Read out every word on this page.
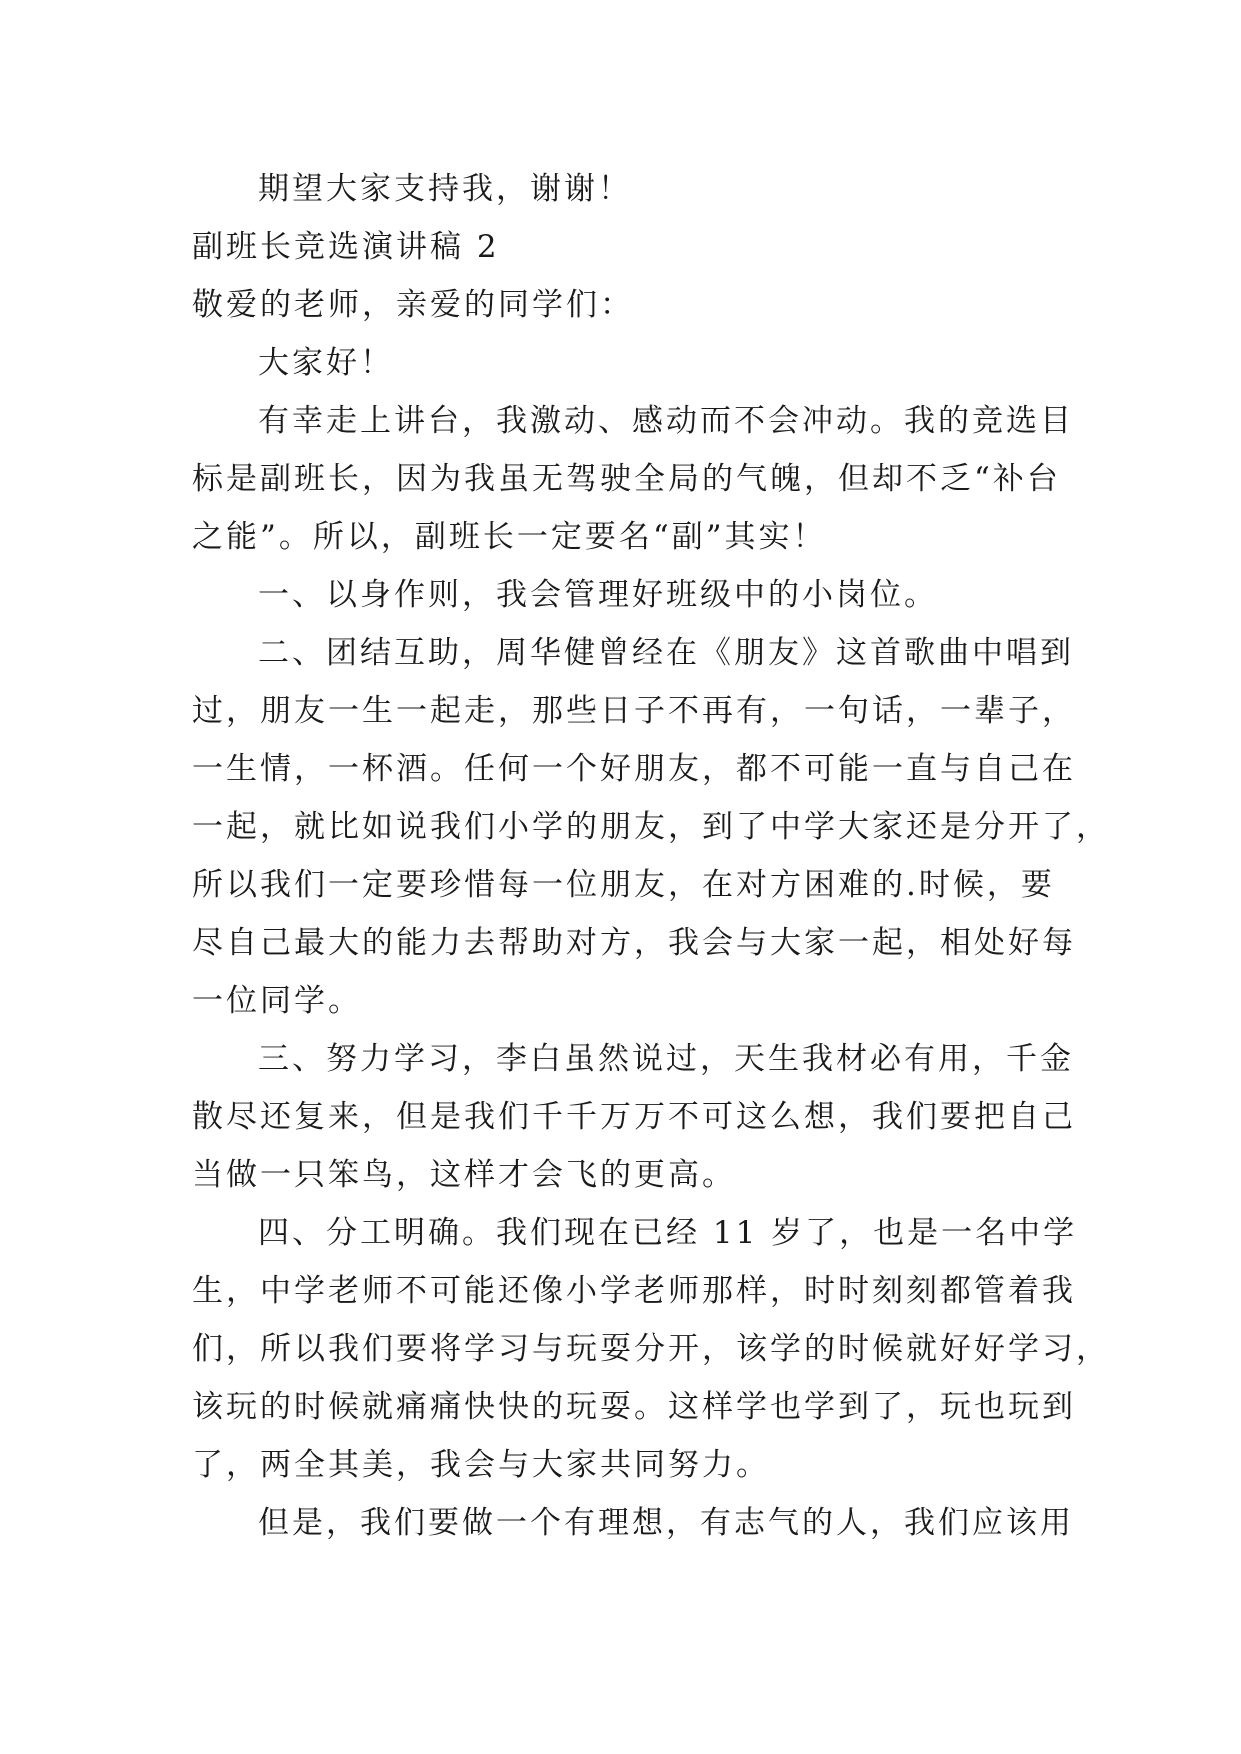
期望大家支持我，谢谢！
副班长竞选演讲稿 2
敬爱的老师，亲爱的同学们：
大家好！
有幸走上讲台，我激动、感动而不会冲动。我的竞选目
标是副班长，因为我虽无驾驶全局的气魄，但却不乏“补台
之能”。所以，副班长一定要名“副”其实！
一、以身作则，我会管理好班级中的小岗位。
二、团结互助，周华健曾经在《朋友》这首歌曲中唱到
过，朋友一生一起走，那些日子不再有，一句话，一辈子，
一生情，一杯酒。任何一个好朋友，都不可能一直与自己在
一起，就比如说我们小学的朋友，到了中学大家还是分开了，
所以我们一定要珍惜每一位朋友，在对方困难的.时候，要
尽自己最大的能力去帮助对方，我会与大家一起，相处好每
一位同学。
三、努力学习，李白虽然说过，天生我材必有用，千金
散尽还复来，但是我们千千万万不可这么想，我们要把自己
当做一只笨鸟，这样才会飞的更高。
四、分工明确。我们现在已经 11 岁了，也是一名中学
生，中学老师不可能还像小学老师那样，时时刻刻都管着我
们，所以我们要将学习与玩耍分开，该学的时候就好好学习，
该玩的时候就痛痛快快的玩耍。这样学也学到了，玩也玩到
了，两全其美，我会与大家共同努力。
但是，我们要做一个有理想，有志气的人，我们应该用
